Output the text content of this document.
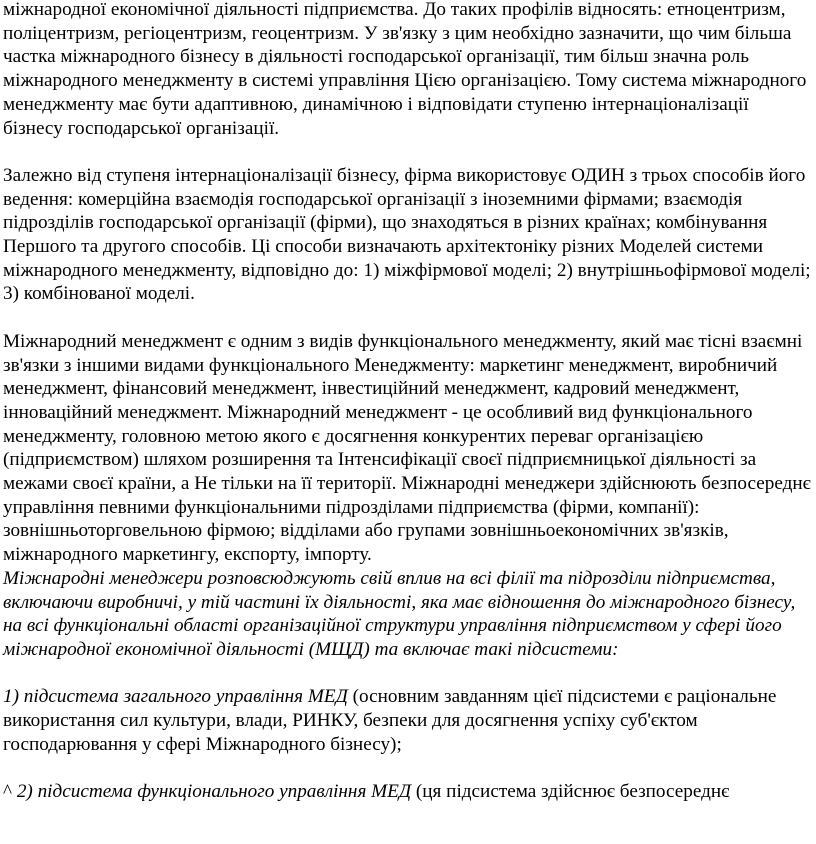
міжнародної економічної діяльності підприємства. До таких профілів відносять: етноцентризм, поліцентризм, регіоцентризм, геоцентризм. У зв'язку з цим необхідно зазначити, що чим більша частка міжнародного бізнесу в діяльності господарської організації, тим більш значна роль міжнародного менеджменту в системі управління Цією організацією. Тому система міжнародного менеджменту має бути адаптивною, динамічною і відповідати ступеню інтернаціоналізації бізнесу господарської організації.

Залежно від ступеня інтернаціоналізації бізнесу, фірма використовує ОДИН з трьох способів його ведення: комерційна взаємодія господарської організації з іноземними фірмами; взаємодія підрозділів господарської організації (фірми), що знаходяться в різних країнах; комбінування Першого та другого способів. Ці способи визначають архітектоніку різних Моделей системи міжнародного менеджменту, відповідно до: 1) міжфірмової моделі; 2) внутрішньофірмової моделі; 3) комбінованої моделі.

Міжнародний менеджмент є одним з видів функціонального менеджменту, який має тісні взаємні зв'язки з іншими видами функціонального Менеджменту: маркетинг менеджмент, виробничий менеджмент, фінансовий менеджмент, інвестиційний менеджмент, кадровий менеджмент, інноваційний менеджмент. Міжнародний менеджмент - це особливий вид функціонального менеджменту, головною метою якого є досягнення конкурентих переваг організацією (підприємством) шляхом розширення та Інтенсифікації своєї підприємницької діяльності за межами своєї країни, а Не тільки на її території. Міжнародні менеджери здійснюють безпосереднє управління певними функціональними підрозділами підприємства (фірми, компанії): зовнішньоторговельною фірмою; відділами або групами зовнішньоекономічних зв'язків, міжнародного маркетингу, експорту, імпорту.

Міжнародні менеджери розповсюджують свій вплив на всі філії та підрозділи підприємства, включаючи виробничі, у тій частині їх діяльності, яка має відношення до міжнародного бізнесу, на всі функціональні області організаційної структури управління підприємством у сфері його міжнародної економічної діяльності (МЩД) та включає такі підсистеми:

1) підсистема загального управління МЕД (основним завданням цієї підсистеми є раціональне використання сил культури, влади, РИНКУ, безпеки для досягнення успіху суб'єктом господарювання у сфері Міжнародного бізнесу);

^ 2) підсистема функціонального управління МЕД (ця підсистема здійснює безпосереднє
